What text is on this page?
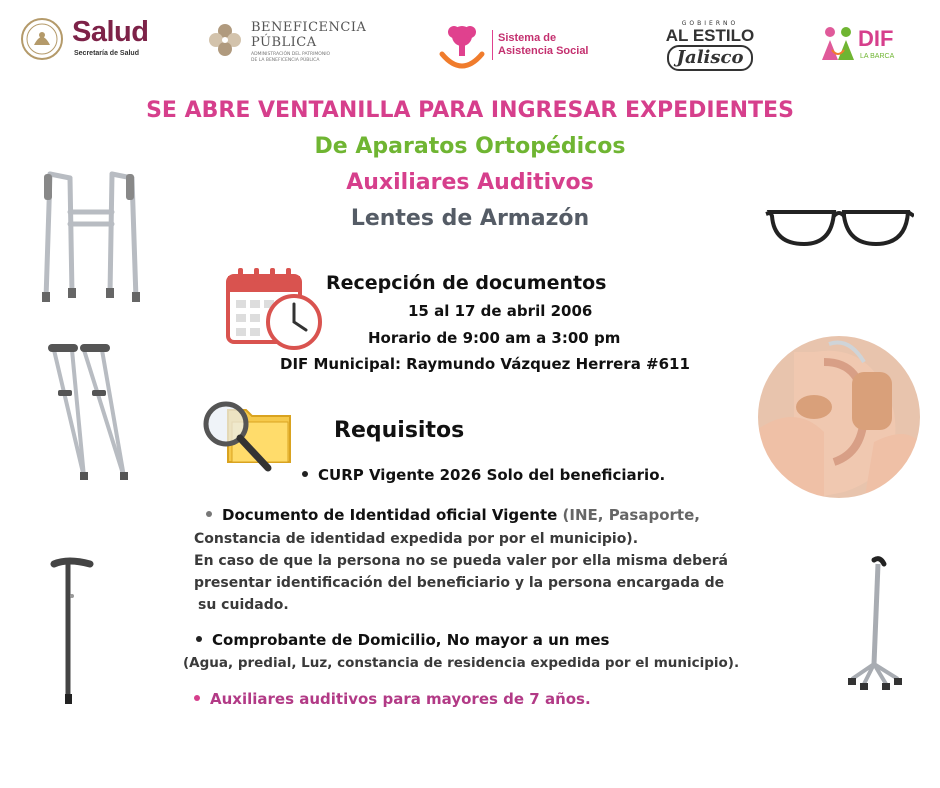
Salud
Secretaría de Salud
BENEFICENCIA
PÚBLICA
ADMINISTRACIÓN DEL PATRIMONIO
DE LA BENEFICENCIA PÚBLICA
Sistema de
Asistencia Social
GOBIERNO
AL ESTILO
Jalisco
DIF
LA BARCA
SE ABRE VENTANILLA PARA INGRESAR EXPEDIENTES
De Aparatos Ortopédicos
Auxiliares Auditivos
Lentes de Armazón
Recepción de documentos
15 al 17 de abril 2006
Horario de 9:00 am a 3:00 pm
DIF Municipal: Raymundo Vázquez Herrera #611
Requisitos
CURP Vigente 2026 Solo del beneficiario.
Documento de Identidad oficial Vigente (INE, Pasaporte,
Constancia de identidad expedida por por el municipio).
En caso de que la persona no se pueda valer por ella misma deberá
presentar identificación del beneficiario y la persona encargada de
su cuidado.
Comprobante de Domicilio, No mayor a un mes
(Agua, predial, Luz, constancia de residencia expedida por el municipio).
Auxiliares auditivos para mayores de 7 años.
